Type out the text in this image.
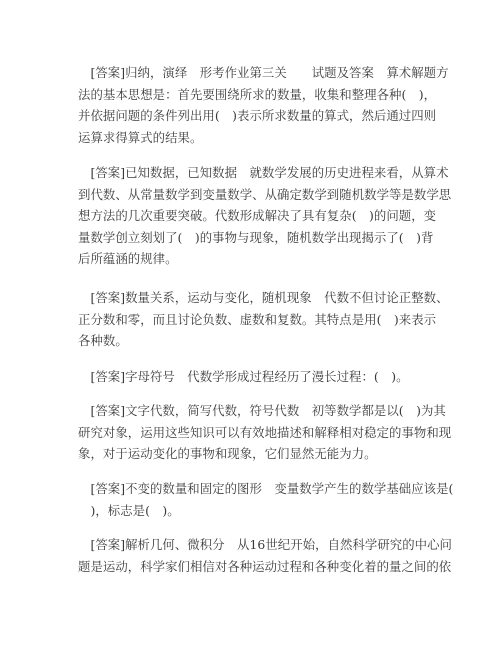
　[答案]归纳，演绎　形考作业第三关　　试题及答案　算术解题方
法的基本思想是：首先要围绕所求的数量，收集和整理各种(　)，
并依据问题的条件列出用(　)表示所求数量的算式，然后通过四则
运算求得算式的结果。
　[答案]已知数据，已知数据　就数学发展的历史进程来看，从算术
到代数、从常量数学到变量数学、从确定数学到随机数学等是数学思
想方法的几次重要突破。代数形成解决了具有复杂(　)的问题，变
量数学创立刻划了(　)的事物与现象，随机数学出现揭示了(　)背
后所蕴涵的规律。
　[答案]数量关系，运动与变化，随机现象　代数不但讨论正整数、
正分数和零，而且讨论负数、虚数和复数。其特点是用(　)来表示
各种数。
　[答案]字母符号　代数学形成过程经历了漫长过程：(　)。
　[答案]文字代数，简写代数，符号代数　初等数学都是以(　)为其
研究对象，运用这些知识可以有效地描述和解释相对稳定的事物和现
象，对于运动变化的事物和现象，它们显然无能为力。
　[答案]不变的数量和固定的图形　变量数学产生的数学基础应该是(
　)，标志是(　)。
　[答案]解析几何、微积分　从16世纪开始，自然科学研究的中心问
题是运动，科学家们相信对各种运动过程和各种变化着的量之间的依
